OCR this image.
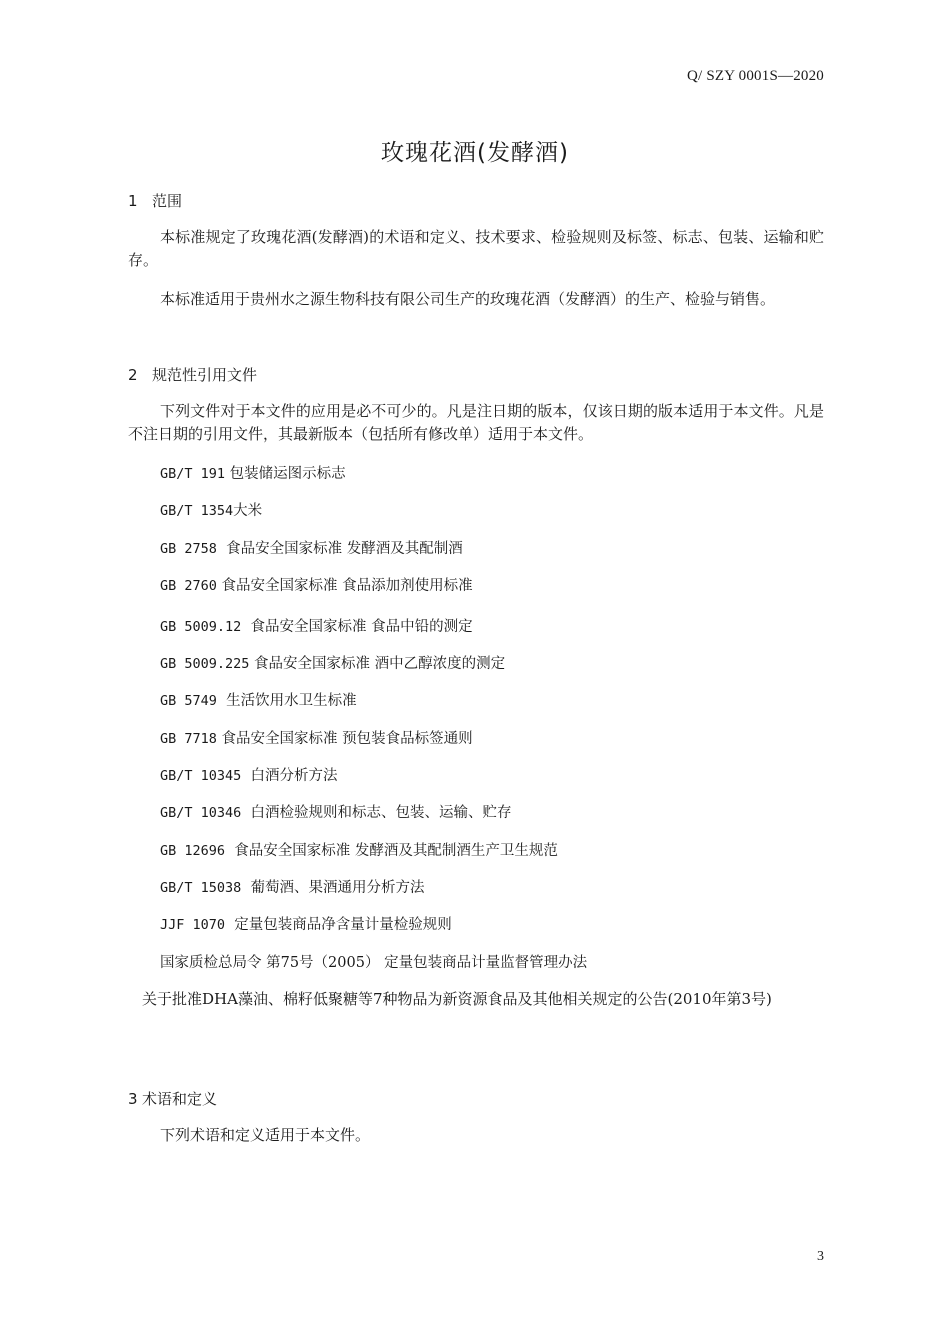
Q/ SZY 0001S—2020
玫瑰花酒(发酵酒)
1 范围
本标准规定了玫瑰花酒(发酵酒)的术语和定义、技术要求、检验规则及标签、标志、包装、运输和贮存。
本标准适用于贵州水之源生物科技有限公司生产的玫瑰花酒（发酵酒）的生产、检验与销售。
2 规范性引用文件
下列文件对于本文件的应用是必不可少的。凡是注日期的版本，仅该日期的版本适用于本文件。凡是不注日期的引用文件，其最新版本（包括所有修改单）适用于本文件。
GB/T 191 包装储运图示标志
GB/T 1354大米
GB 2758  食品安全国家标准 发酵酒及其配制酒
GB 2760 食品安全国家标准 食品添加剂使用标准
GB 5009.12  食品安全国家标准 食品中铅的测定
GB 5009.225 食品安全国家标准 酒中乙醇浓度的测定
GB 5749  生活饮用水卫生标准
GB 7718 食品安全国家标准 预包装食品标签通则
GB/T 10345  白酒分析方法
GB/T 10346  白酒检验规则和标志、包装、运输、贮存
GB 12696  食品安全国家标准 发酵酒及其配制酒生产卫生规范
GB/T 15038  葡萄酒、果酒通用分析方法
JJF 1070  定量包装商品净含量计量检验规则
国家质检总局令 第75号（2005） 定量包装商品计量监督管理办法
关于批准DHA藻油、棉籽低聚糖等7种物品为新资源食品及其他相关规定的公告(2010年第3号)
3 术语和定义
下列术语和定义适用于本文件。
3
